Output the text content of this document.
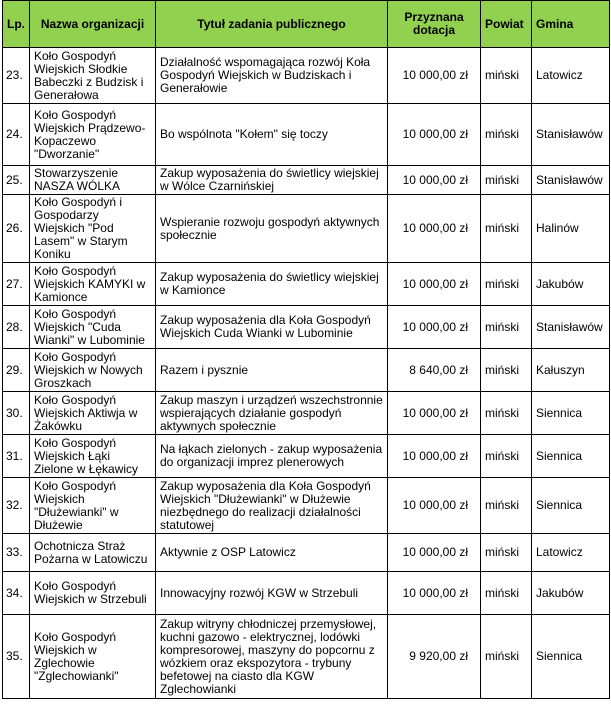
Lp.	Nazwa organizacji	Tytuł zadania publicznego	Przyznana dotacja	Powiat	Gmina
23.	Koło Gospodyń Wiejskich Słodkie Babeczki z Budzisk i Generałowa	Działalność wspomagająca rozwój Koła Gospodyń Wiejskich w Budziskach i Generałowie	10 000,00 zł	miński	Latowicz
24.	Koło Gospodyń Wiejskich Prądzewo-Kopaczewo "Dworzanie"	Bo wspólnota "Kołem" się toczy	10 000,00 zł	miński	Stanisławów
25.	Stowarzyszenie NASZA WÓLKA	Zakup wyposażenia do świetlicy wiejskiej w Wólce Czarnińskiej	10 000,00 zł	miński	Stanisławów
26.	Koło Gospodyń i Gospodarzy Wiejskich "Pod Lasem" w Starym Koniku	Wspieranie rozwoju gospodyń aktywnych społecznie	10 000,00 zł	miński	Halinów
27.	Koło Gospodyń Wiejskich KAMYKI w Kamionce	Zakup wyposażenia do świetlicy wiejskiej w Kamionce	10 000,00 zł	miński	Jakubów
28.	Koło Gospodyń Wiejskich "Cuda Wianki" w Lubominie	Zakup wyposażenia dla Koła Gospodyń Wiejskich Cuda Wianki w Lubominie	10 000,00 zł	miński	Stanisławów
29.	Koło Gospodyń Wiejskich w Nowych Groszkach	Razem i pysznie	8 640,00 zł	miński	Kałuszyn
30.	Koło Gospodyń Wiejskich Aktiwja w Żakówku	Zakup maszyn i urządzeń wszechstronnie wspierających działanie gospodyń aktywnych społecznie	10 000,00 zł	miński	Siennica
31.	Koło Gospodyń Wiejskich Łąki Zielone w Łękawicy	Na łąkach zielonych - zakup wyposażenia do organizacji imprez plenerowych	10 000,00 zł	miński	Siennica
32.	Koło Gospodyń Wiejskich "Dłużewianki" w Dłużewie	Zakup wyposażenia dla Koła Gospodyń Wiejskich "Dłużewianki" w Dłużewie niezbędnego do realizacji działalności statutowej	10 000,00 zł	miński	Siennica
33.	Ochotnicza Straż Pożarna w Latowiczu	Aktywnie z OSP Latowicz	10 000,00 zł	miński	Latowicz
34.	Koło Gospodyń Wiejskich w Strzebuli	Innowacyjny rozwój KGW w Strzebuli	10 000,00 zł	miński	Jakubów
35.	Koło Gospodyń Wiejskich w Zglechowie "Zglechowianki"	Zakup witryny chłodniczej przemysłowej, kuchni gazowo - elektrycznej, lodówki kompresorowej, maszyny do popcornu z wózkiem oraz ekspozytora - trybuny befetowej na ciasto dla KGW Zglechowianki	9 920,00 zł	miński	Siennica
